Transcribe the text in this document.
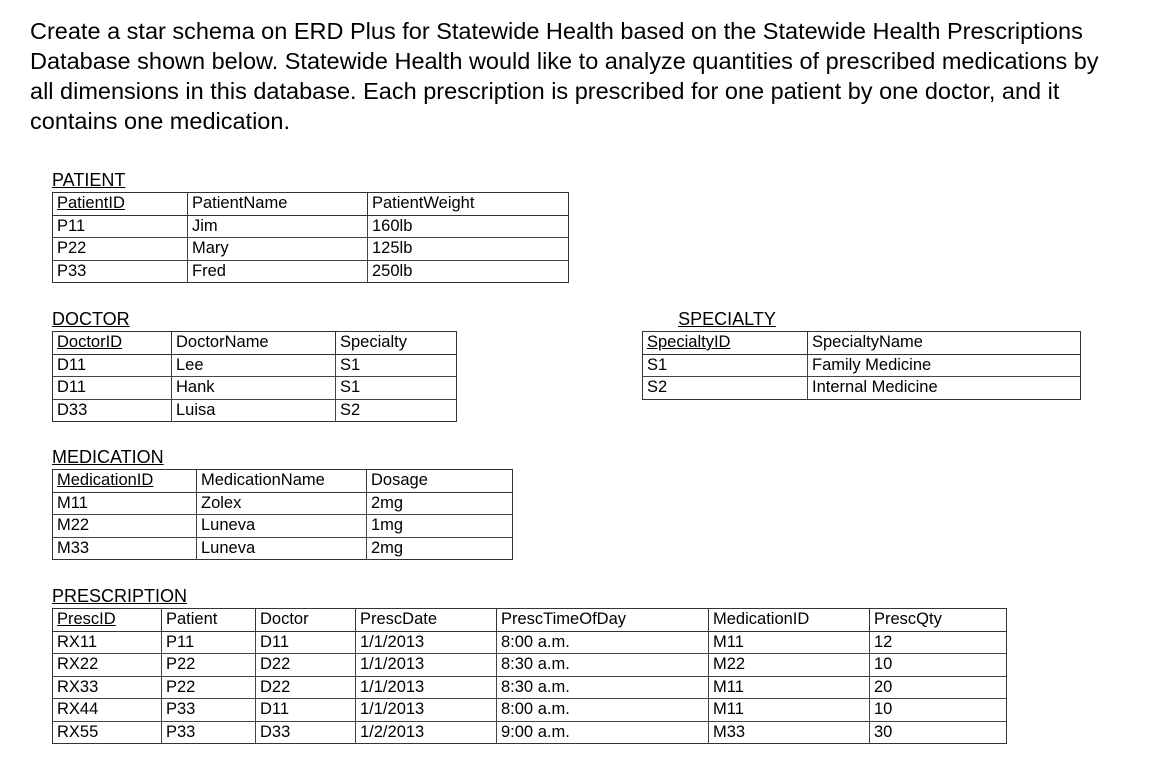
Create a star schema on ERD Plus for Statewide Health based on the Statewide Health Prescriptions Database shown below. Statewide Health would like to analyze quantities of prescribed medications by all dimensions in this database. Each prescription is prescribed for one patient by one doctor, and it contains one medication.

PATIENT
PatientID	PatientName	PatientWeight
P11	Jim	160lb
P22	Mary	125lb
P33	Fred	250lb
DOCTOR
DoctorID	DoctorName	Specialty
D11	Lee	S1
D11	Hank	S1
D33	Luisa	S2
SPECIALTY
SpecialtyID	SpecialtyName
S1	Family Medicine
S2	Internal Medicine
MEDICATION
MedicationID	MedicationName	Dosage
M11	Zolex	2mg
M22	Luneva	1mg
M33	Luneva	2mg
PRESCRIPTION
PrescID	Patient	Doctor	PrescDate	PrescTimeOfDay	MedicationID	PrescQty
RX11	P11	D11	1/1/2013	8:00 a.m.	M11	12
RX22	P22	D22	1/1/2013	8:30 a.m.	M22	10
RX33	P22	D22	1/1/2013	8:30 a.m.	M11	20
RX44	P33	D11	1/1/2013	8:00 a.m.	M11	10
RX55	P33	D33	1/2/2013	9:00 a.m.	M33	30
